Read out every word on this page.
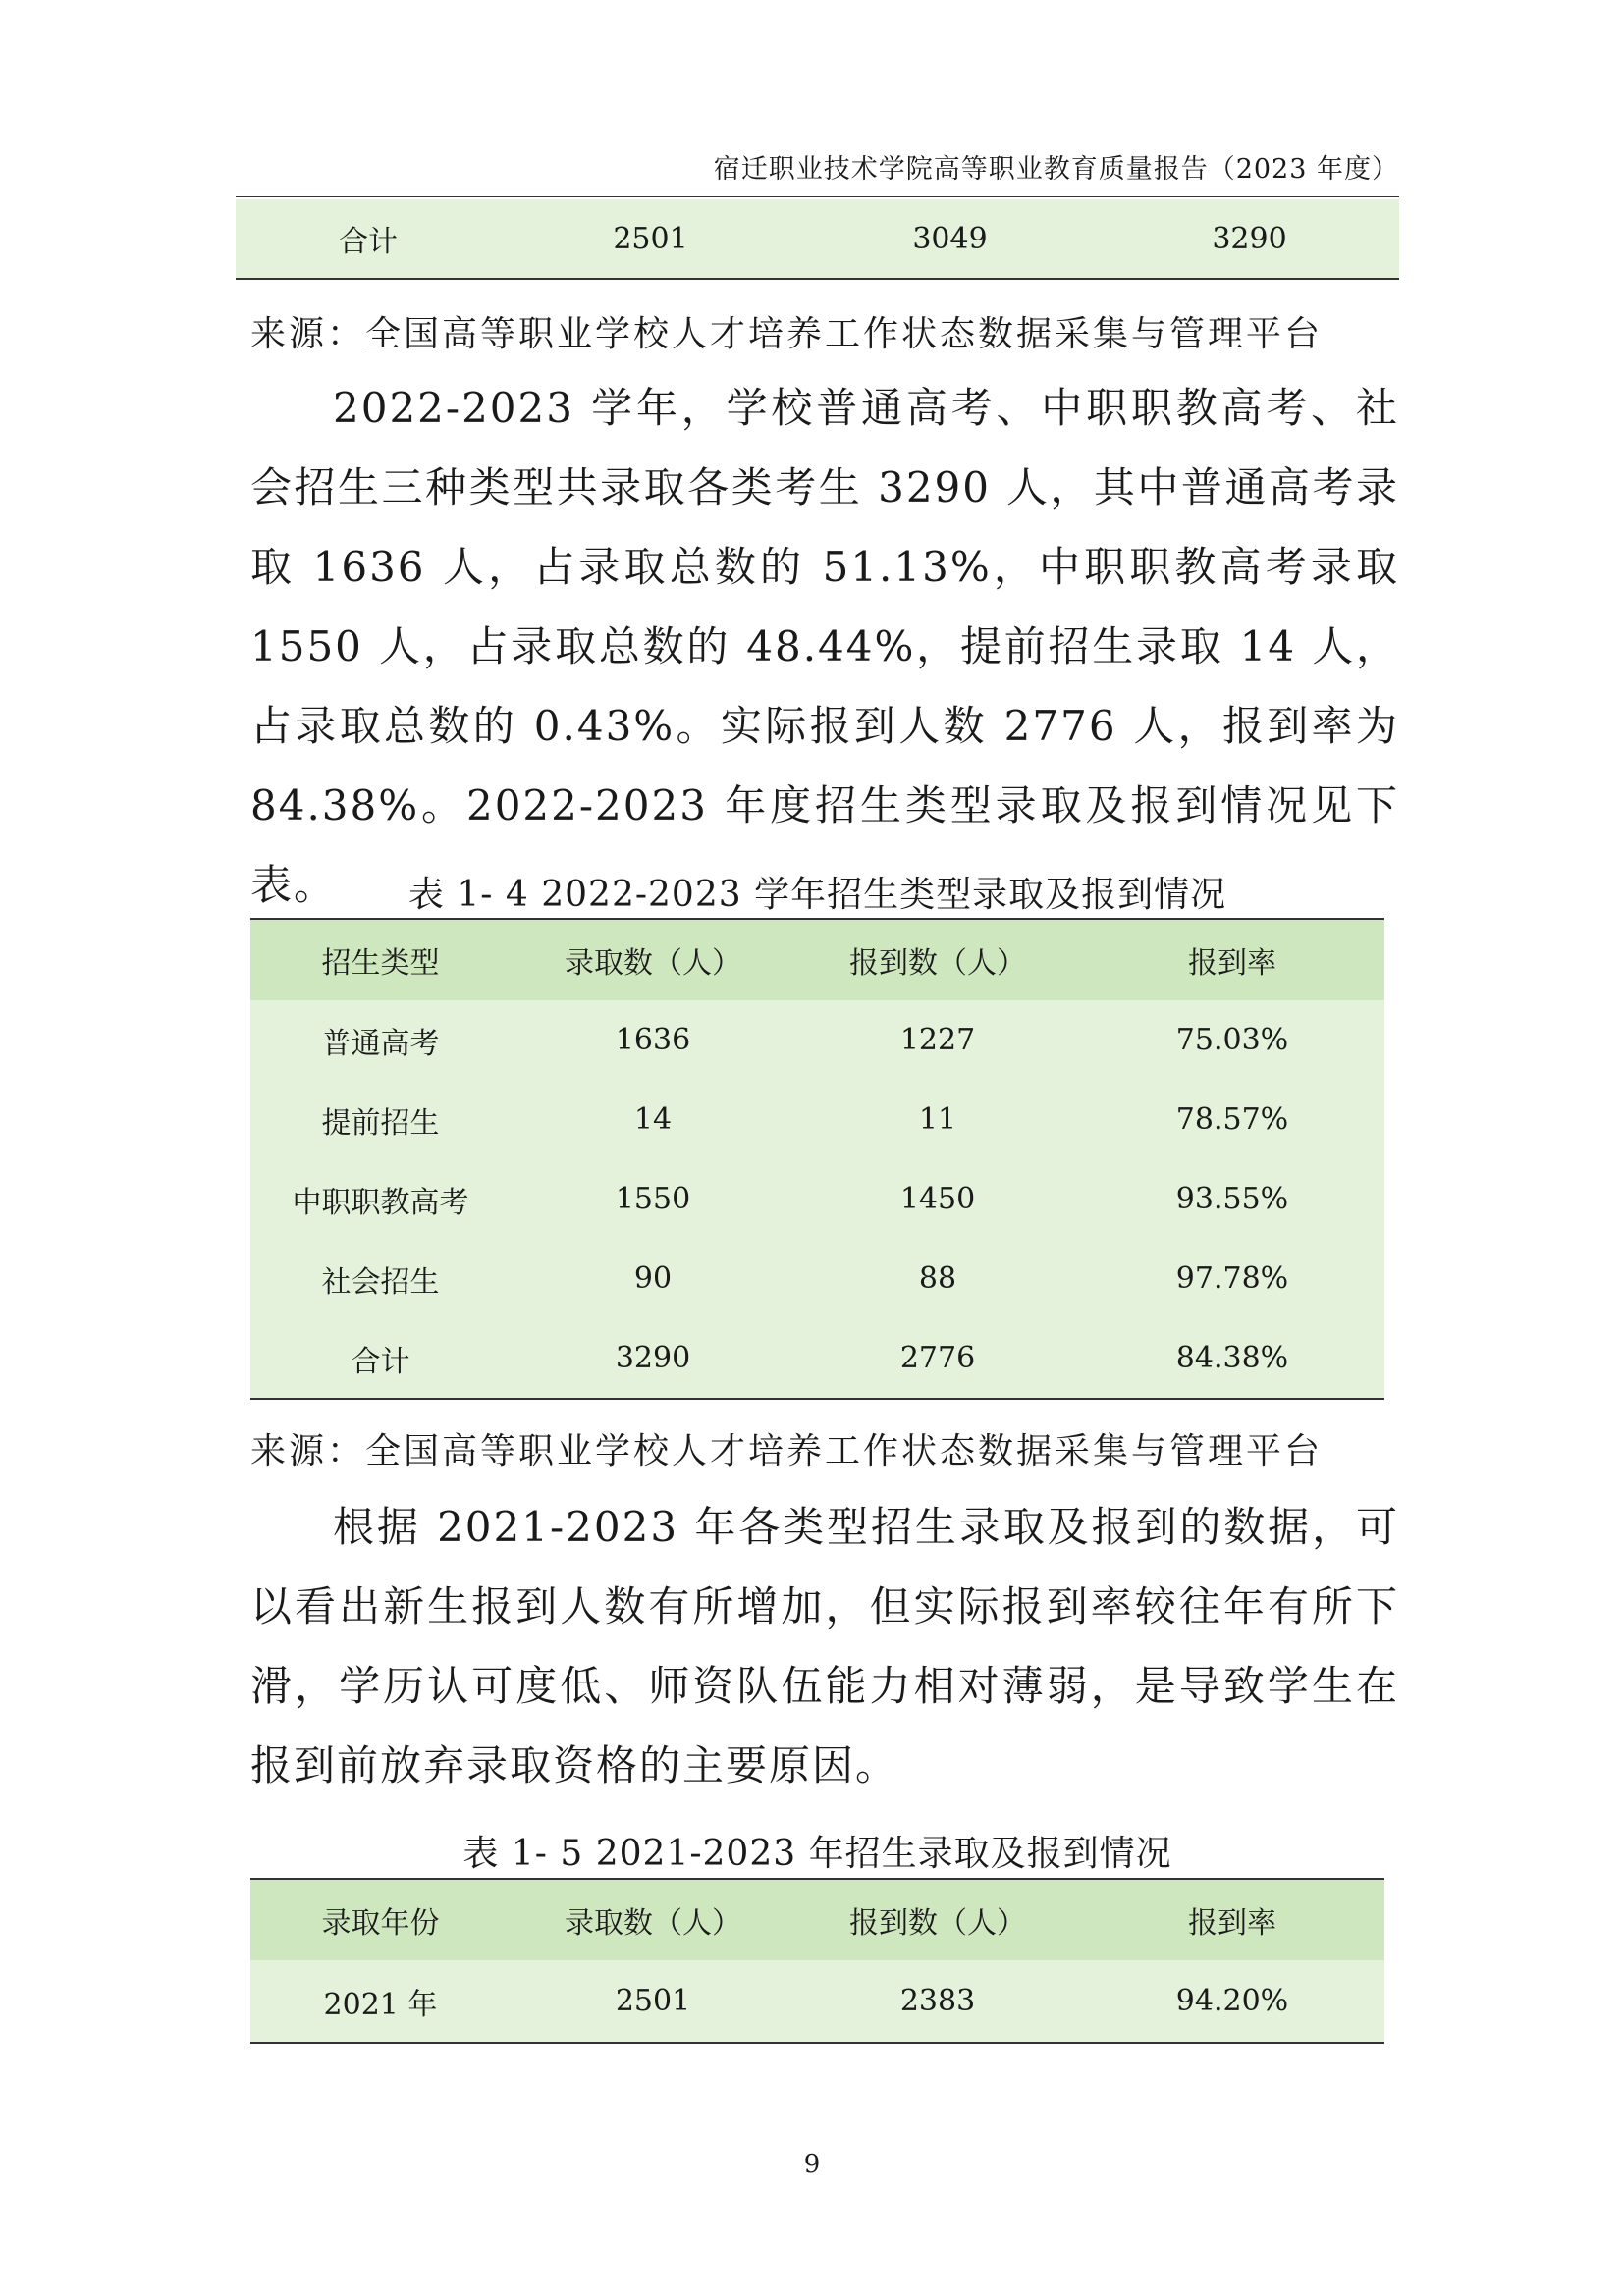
宿迁职业技术学院高等职业教育质量报告（2023 年度）
合计	2501	3049	3290
来源：全国高等职业学校人才培养工作状态数据采集与管理平台

2022-2023 学年，学校普通高考、中职职教高考、社会招生三种类型共录取各类考生 3290 人，其中普通高考录取 1636 人，占录取总数的 51.13%，中职职教高考录取 1550 人，占录取总数的 48.44%，提前招生录取 14 人，占录取总数的 0.43%。实际报到人数 2776 人，报到率为 84.38%。2022-2023 年度招生类型录取及报到情况见下表。	表 1- 4 2022-2023 学年招生类型录取及报到情况
招生类型	录取数（人）	报到数（人）	报到率
普通高考	1636	1227	75.03%
提前招生	14	11	78.57%
中职职教高考	1550	1450	93.55%
社会招生	90	88	97.78%
合计	3290	2776	84.38%
来源：全国高等职业学校人才培养工作状态数据采集与管理平台

根据 2021-2023 年各类型招生录取及报到的数据，可以看出新生报到人数有所增加，但实际报到率较往年有所下滑，学历认可度低、师资队伍能力相对薄弱，是导致学生在报到前放弃录取资格的主要原因。

表 1- 5 2021-2023 年招生录取及报到情况
录取年份	录取数（人）	报到数（人）	报到率
2021 年	2501	2383	94.20%
9
